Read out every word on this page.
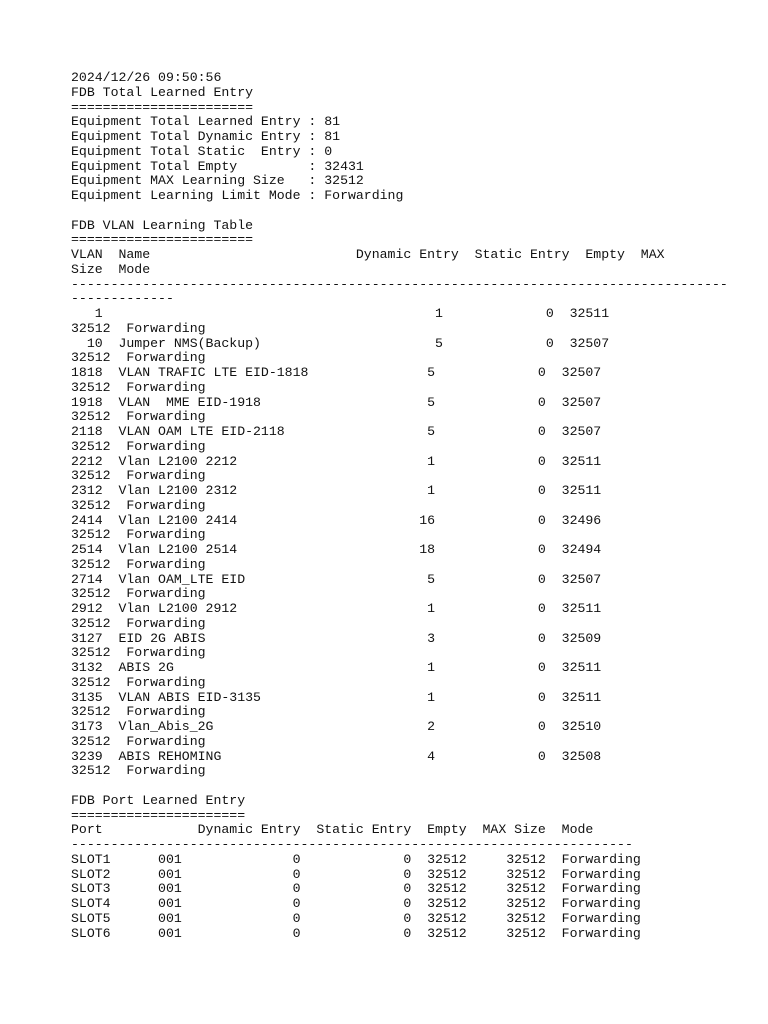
2024/12/26 09:50:56
FDB Total Learned Entry
=======================
Equipment Total Learned Entry : 81
Equipment Total Dynamic Entry : 81
Equipment Total Static  Entry : 0
Equipment Total Empty         : 32431
Equipment MAX Learning Size   : 32512
Equipment Learning Limit Mode : Forwarding

FDB VLAN Learning Table
=======================
VLAN  Name                          Dynamic Entry  Static Entry  Empty  MAX
Size  Mode
-----------------------------------------------------------------------------------
-------------
1                                          1             0  32511
32512  Forwarding
10  Jumper NMS(Backup)                      5             0  32507
32512  Forwarding
1818  VLAN TRAFIC LTE EID-1818               5             0  32507
32512  Forwarding
1918  VLAN  MME EID-1918                     5             0  32507
32512  Forwarding
2118  VLAN OAM LTE EID-2118                  5             0  32507
32512  Forwarding
2212  Vlan L2100 2212                        1             0  32511
32512  Forwarding
2312  Vlan L2100 2312                        1             0  32511
32512  Forwarding
2414  Vlan L2100 2414                       16             0  32496
32512  Forwarding
2514  Vlan L2100 2514                       18             0  32494
32512  Forwarding
2714  Vlan OAM_LTE EID                       5             0  32507
32512  Forwarding
2912  Vlan L2100 2912                        1             0  32511
32512  Forwarding
3127  EID 2G ABIS                            3             0  32509
32512  Forwarding
3132  ABIS 2G                                1             0  32511
32512  Forwarding
3135  VLAN ABIS EID-3135                     1             0  32511
32512  Forwarding
3173  Vlan_Abis_2G                           2             0  32510
32512  Forwarding
3239  ABIS REHOMING                          4             0  32508
32512  Forwarding

FDB Port Learned Entry
======================
Port            Dynamic Entry  Static Entry  Empty  MAX Size  Mode
-----------------------------------------------------------------------
SLOT1      001              0             0  32512     32512  Forwarding
SLOT2      001              0             0  32512     32512  Forwarding
SLOT3      001              0             0  32512     32512  Forwarding
SLOT4      001              0             0  32512     32512  Forwarding
SLOT5      001              0             0  32512     32512  Forwarding
SLOT6      001              0             0  32512     32512  Forwarding
